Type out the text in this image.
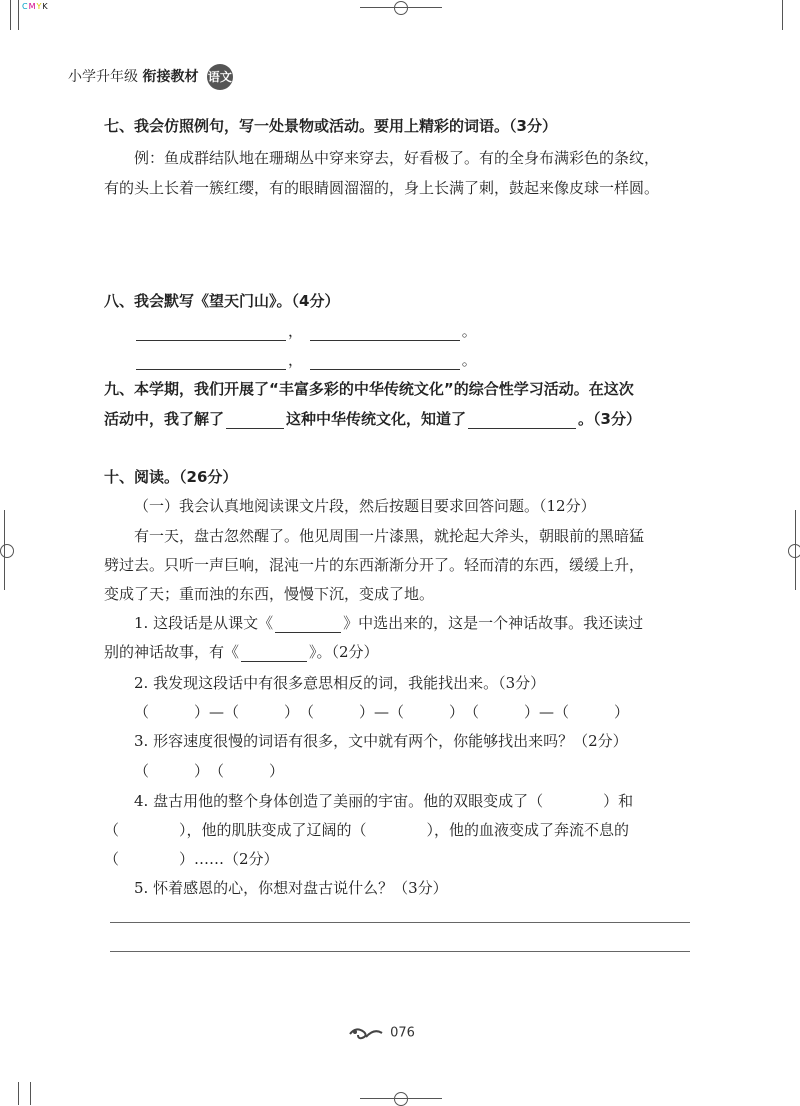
CMYK
小学升年级 衔接教材 语文
七、我会仿照例句，写一处景物或活动。要用上精彩的词语。（3分）
例：鱼成群结队地在珊瑚丛中穿来穿去，好看极了。有的全身布满彩色的条纹，
有的头上长着一簇红缨，有的眼睛圆溜溜的，身上长满了刺，鼓起来像皮球一样圆。
八、我会默写《望天门山》。（4分）
，	。
，	。
九、本学期，我们开展了“丰富多彩的中华传统文化”的综合性学习活动。在这次
活动中，我了解了	这种中华传统文化，知道了	。（3分）
十、阅读。（26分）
（一）我会认真地阅读课文片段，然后按题目要求回答问题。（12分）
有一天，盘古忽然醒了。他见周围一片漆黑，就抡起大斧头，朝眼前的黑暗猛
劈过去。只听一声巨响，混沌一片的东西渐渐分开了。轻而清的东西，缓缓上升，
变成了天；重而浊的东西，慢慢下沉，变成了地。
1. 这段话是从课文《	》中选出来的，这是一个神话故事。我还读过
别的神话故事，有《	》。（2分）
2. 我发现这段话中有很多意思相反的词，我能找出来。（3分）
（　　　）—（　　　）　（　　　）—（　　　）　（　　　）—（　　　）
3. 形容速度很慢的词语有很多，文中就有两个，你能够找出来吗？（2分）
（　　　）　（　　　）
4. 盘古用他的整个身体创造了美丽的宇宙。他的双眼变成了（　　　　）和
（　　　　），他的肌肤变成了辽阔的（　　　　），他的血液变成了奔流不息的
（　　　　）……（2分）
5. 怀着感恩的心，你想对盘古说什么？（3分）
076
